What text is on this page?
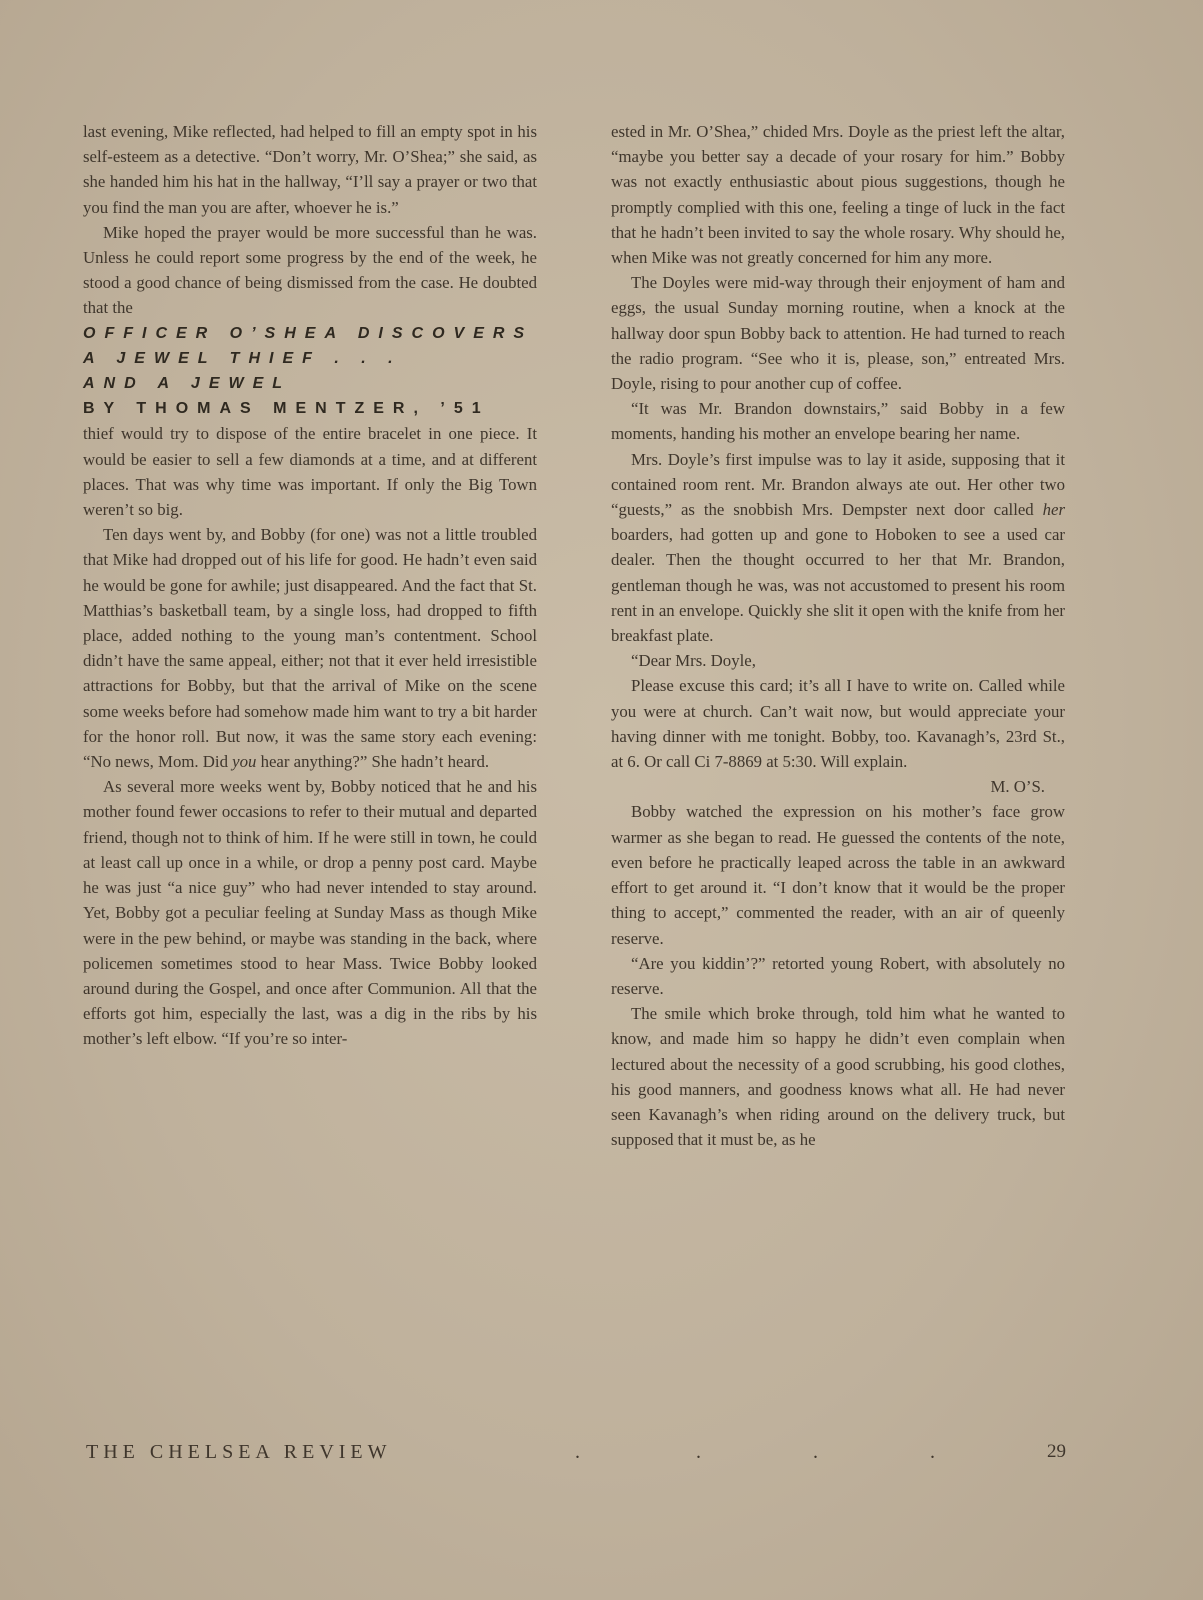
last evening, Mike reflected, had helped to fill an empty spot in his self-esteem as a detective. “Don’t worry, Mr. O’Shea;” she said, as she handed him his hat in the hallway, “I’ll say a prayer or two that you find the man you are after, whoever he is.”

Mike hoped the prayer would be more successful than he was. Unless he could report some progress by the end of the week, he stood a good chance of being dismissed from the case. He doubted that the

OFFICER O’SHEA DISCOVERS

A JEWEL THIEF . . .

AND A JEWEL

BY THOMAS MENTZER, ’51

thief would try to dispose of the entire bracelet in one piece. It would be easier to sell a few diamonds at a time, and at different places. That was why time was important. If only the Big Town weren’t so big.

Ten days went by, and Bobby (for one) was not a little troubled that Mike had dropped out of his life for good. He hadn’t even said he would be gone for awhile; just disappeared. And the fact that St. Matthias’s basketball team, by a single loss, had dropped to fifth place, added nothing to the young man’s contentment. School didn’t have the same appeal, either; not that it ever held irresistible attractions for Bobby, but that the arrival of Mike on the scene some weeks before had somehow made him want to try a bit harder for the honor roll. But now, it was the same story each evening: “No news, Mom. Did you hear anything?” She hadn’t heard.

As several more weeks went by, Bobby noticed that he and his mother found fewer occasions to refer to their mutual and departed friend, though not to think of him. If he were still in town, he could at least call up once in a while, or drop a penny post card. Maybe he was just “a nice guy” who had never intended to stay around. Yet, Bobby got a peculiar feeling at Sunday Mass as though Mike were in the pew behind, or maybe was standing in the back, where policemen sometimes stood to hear Mass. Twice Bobby looked around during the Gospel, and once after Communion. All that the efforts got him, especially the last, was a dig in the ribs by his mother’s left elbow. “If you’re so inter-

ested in Mr. O’Shea,” chided Mrs. Doyle as the priest left the altar, “maybe you better say a decade of your rosary for him.” Bobby was not exactly enthusiastic about pious suggestions, though he promptly complied with this one, feeling a tinge of luck in the fact that he hadn’t been invited to say the whole rosary. Why should he, when Mike was not greatly concerned for him any more.

The Doyles were mid-way through their enjoyment of ham and eggs, the usual Sunday morning routine, when a knock at the hallway door spun Bobby back to attention. He had turned to reach the radio program. “See who it is, please, son,” entreated Mrs. Doyle, rising to pour another cup of coffee.

“It was Mr. Brandon downstairs,” said Bobby in a few moments, handing his mother an envelope bearing her name.

Mrs. Doyle’s first impulse was to lay it aside, supposing that it contained room rent. Mr. Brandon always ate out. Her other two “guests,” as the snobbish Mrs. Dempster next door called her boarders, had gotten up and gone to Hoboken to see a used car dealer. Then the thought occurred to her that Mr. Brandon, gentleman though he was, was not accustomed to present his room rent in an envelope. Quickly she slit it open with the knife from her breakfast plate.

“Dear Mrs. Doyle,

Please excuse this card; it’s all I have to write on. Called while you were at church. Can’t wait now, but would appreciate your having dinner with me tonight. Bobby, too. Kavanagh’s, 23rd St., at 6. Or call Ci 7-8869 at 5:30. Will explain.

M. O’S.

Bobby watched the expression on his mother’s face grow warmer as she began to read. He guessed the contents of the note, even before he practically leaped across the table in an awkward effort to get around it. “I don’t know that it would be the proper thing to accept,” commented the reader, with an air of queenly reserve.

“Are you kiddin’?” retorted young Robert, with absolutely no reserve.

The smile which broke through, told him what he wanted to know, and made him so happy he didn’t even complain when lectured about the necessity of a good scrubbing, his good clothes, his good manners, and goodness knows what all. He had never seen Kavanagh’s when riding around on the delivery truck, but supposed that it must be, as he

THE CHELSEA REVIEW	.	.	.	.	29
